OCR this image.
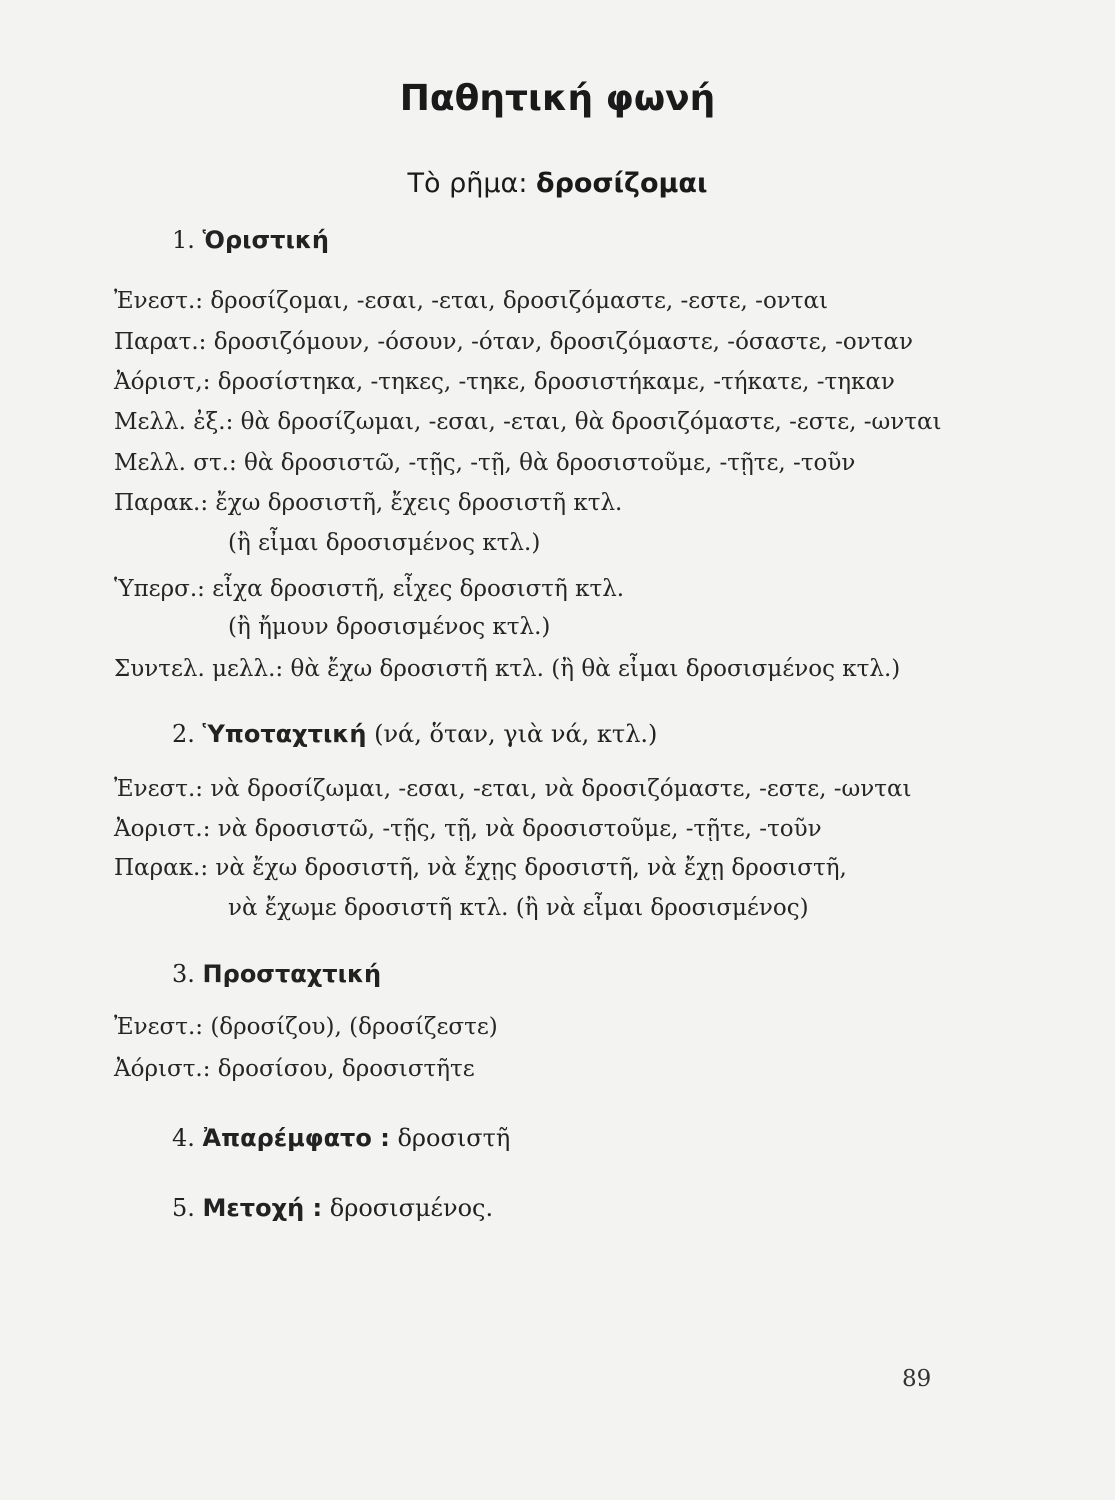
Παθητική φωνή
Τὸ ρῆμα: δροσίζομαι
1. Ὁριστική
Ἐνεστ.: δροσίζομαι, -εσαι, -εται, δροσιζόμαστε, -εστε, -ονται
Παρατ.: δροσιζόμουν, -όσουν, -όταν, δροσιζόμαστε, -όσαστε, -ονταν
Ἀόριστ,: δροσίστηκα, -τηκες, -τηκε, δροσιστήκαμε, -τήκατε, -τηκαν
Μελλ. ἐξ.: θὰ δροσίζωμαι, -εσαι, -εται, θὰ δροσιζόμαστε, -εστε, -ωνται
Μελλ. στ.: θὰ δροσιστῶ, -τῇς, -τῇ, θὰ δροσιστοῦμε, -τῇτε, -τοῦν
Παρακ.: ἔχω δροσιστῆ, ἔχεις δροσιστῆ κτλ.
(ἢ εἶμαι δροσισμένος κτλ.)
Ὑπερσ.: εἶχα δροσιστῆ, εἶχες δροσιστῆ κτλ.
(ἢ ἤμουν δροσισμένος κτλ.)
Συντελ. μελλ.: θὰ ἔχω δροσιστῆ κτλ. (ἢ θὰ εἶμαι δροσισμένος κτλ.)
2. Ὑποταχτική (νά, ὅταν, γιὰ νά, κτλ.)
Ἐνεστ.: νὰ δροσίζωμαι, -εσαι, -εται, νὰ δροσιζόμαστε, -εστε, -ωνται
Ἀοριστ.: νὰ δροσιστῶ, -τῇς, τῇ, νὰ δροσιστοῦμε, -τῇτε, -τοῦν
Παρακ.: νὰ ἔχω δροσιστῆ, νὰ ἔχῃς δροσιστῆ, νὰ ἔχῃ δροσιστῆ,
νὰ ἔχωμε δροσιστῆ κτλ. (ἢ νὰ εἶμαι δροσισμένος)
3. Προσταχτική
Ἐνεστ.: (δροσίζου), (δροσίζεστε)
Ἀόριστ.: δροσίσου, δροσιστῆτε
4. Ἀπαρέμφατο : δροσιστῆ
5. Μετοχή : δροσισμένος.
89
